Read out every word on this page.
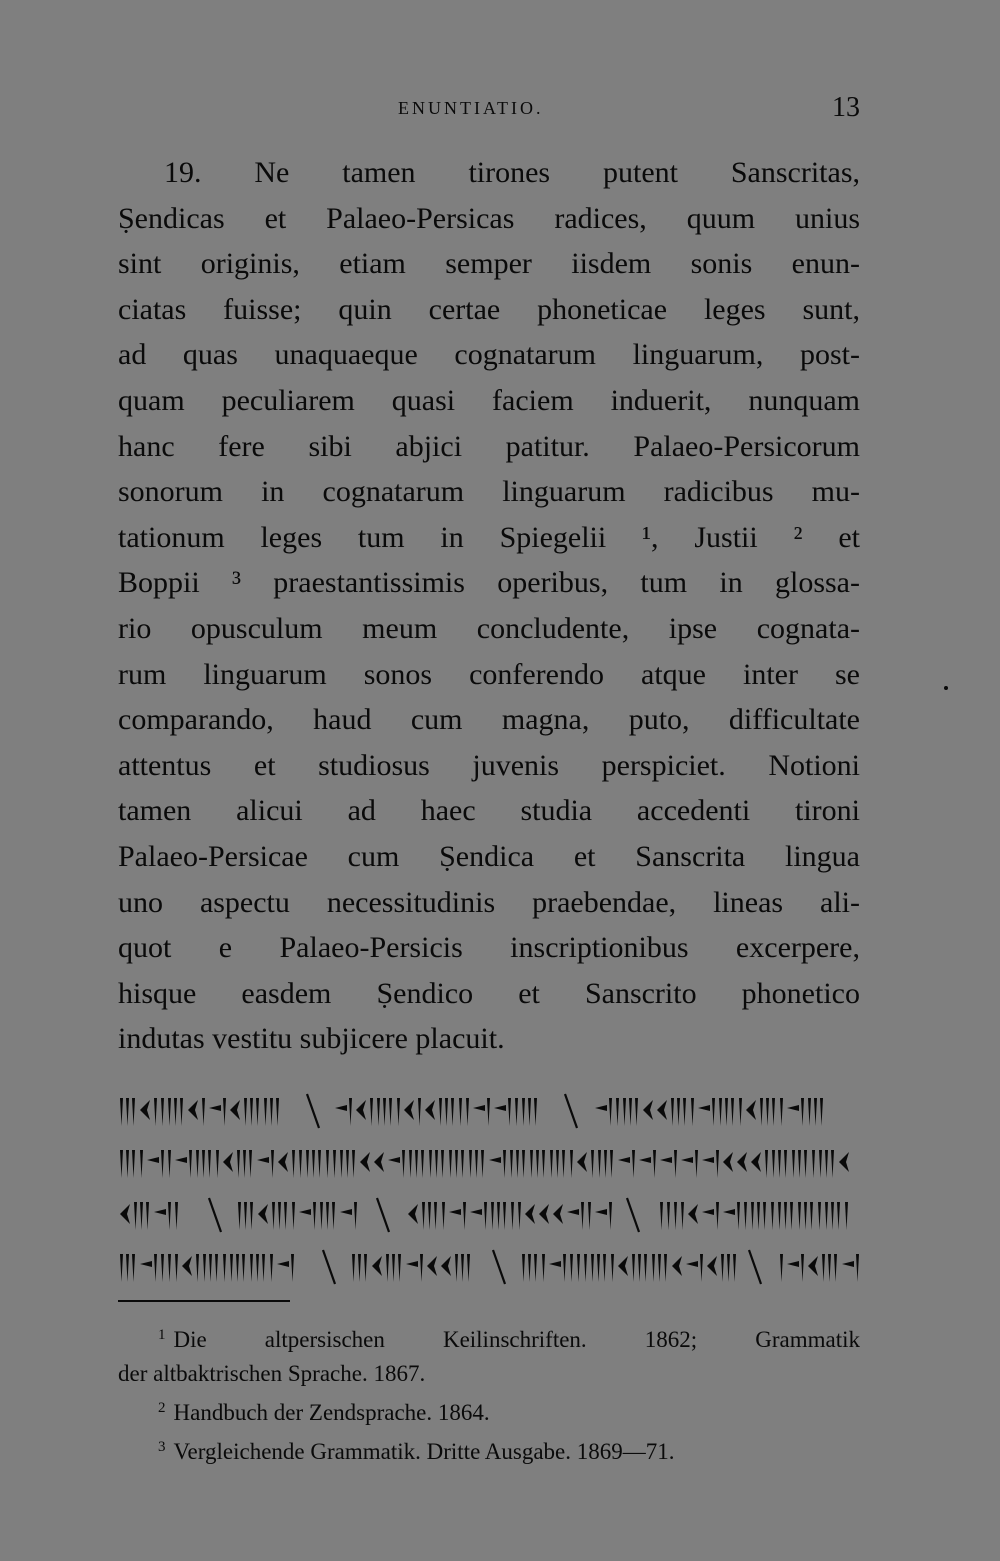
ENUNTIATIO.	13
19. Ne tamen tirones putent Sanscritas,
Ṣendicas et Palaeo-Persicas radices, quum unius
sint originis, etiam semper iisdem sonis enun-
ciatas fuisse; quin certae phoneticae leges sunt,
ad quas unaquaeque cognatarum linguarum, post-
quam peculiarem quasi faciem induerit, nunquam
hanc fere sibi abjici patitur. Palaeo-Persicorum
sonorum in cognatarum linguarum radicibus mu-
tationum leges tum in Spiegelii ¹, Justii ² et
Boppii ³ praestantissimis operibus, tum in glossa-
rio opusculum meum concludente, ipse cognata-
rum linguarum sonos conferendo atque inter se
comparando, haud cum magna, puto, difficultate
attentus et studiosus juvenis perspiciet. Notioni
tamen alicui ad haec studia accedenti tironi
Palaeo-Persicae cum Ṣendica et Sanscrita lingua
uno aspectu necessitudinis praebendae, lineas ali-
quot e Palaeo-Persicis inscriptionibus excerpere,
hisque easdem Ṣendico et Sanscrito phonetico
indutas vestitu subjicere placuit.
$^1$ Die altpersischen Keilinschriften. 1862; Grammatik
der altbaktrischen Sprache. 1867.
$^2$ Handbuch der Zendsprache. 1864.
$^3$ Vergleichende Grammatik. Dritte Ausgabe. 1869—71.
